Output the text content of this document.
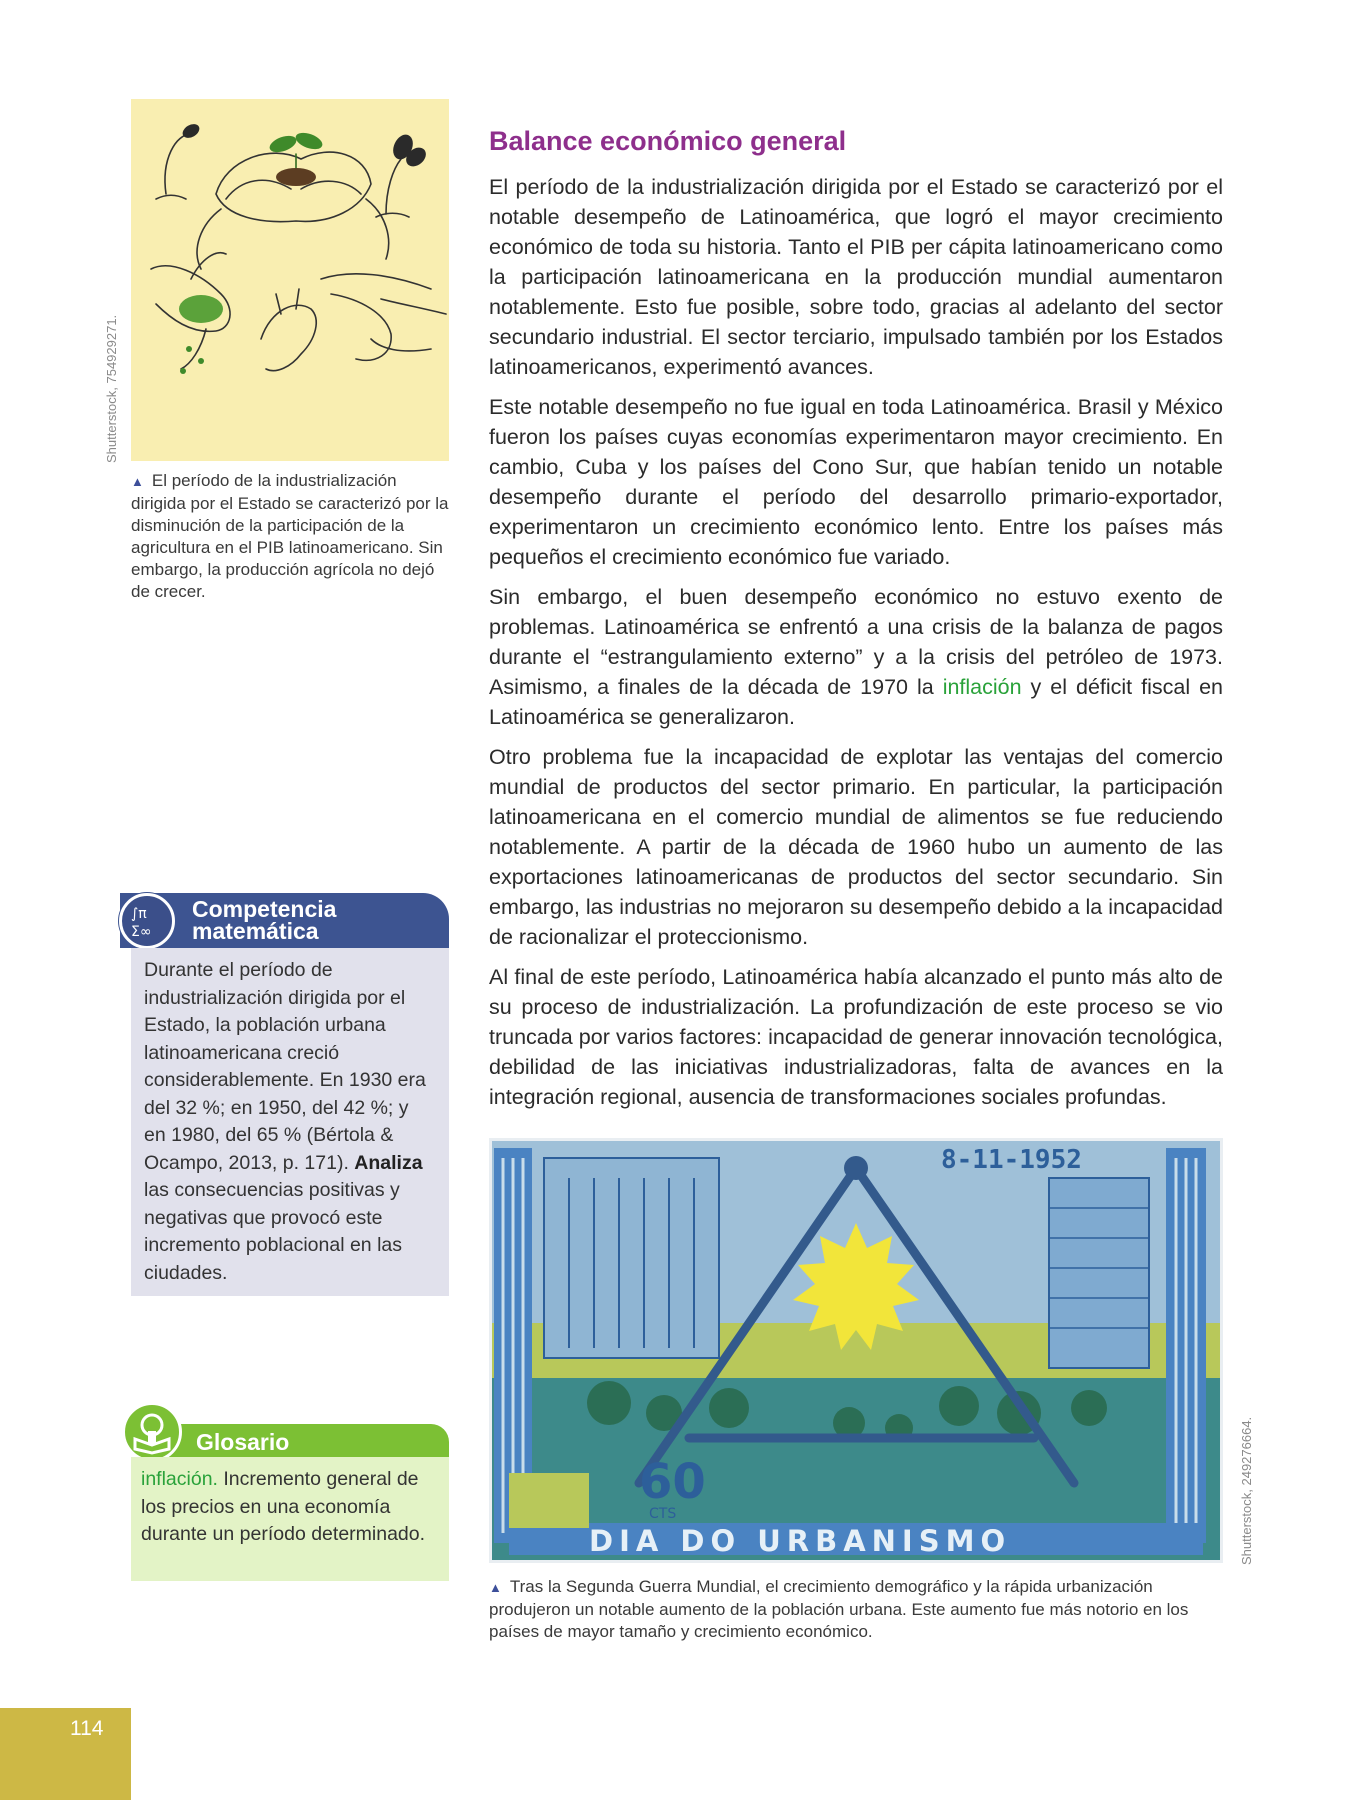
Shutterstock, 754929271.
▲ El período de la industrialización dirigida por el Estado se caracterizó por la disminución de la participación de la agricultura en el PIB latinoamericano. Sin embargo, la producción agrícola no dejó de crecer.
Balance económico general

El período de la industrialización dirigida por el Estado se caracterizó por el notable desempeño de Latinoamérica, que logró el mayor crecimiento económico de toda su historia. Tanto el PIB per cápita latinoamericano como la participación latinoamericana en la producción mundial aumentaron notablemente. Esto fue posible, sobre todo, gracias al adelanto del sector secundario industrial. El sector terciario, impulsado también por los Estados latinoamericanos, experimentó avances.

Este notable desempeño no fue igual en toda Latinoamérica. Brasil y México fueron los países cuyas economías experimentaron mayor crecimiento. En cambio, Cuba y los países del Cono Sur, que habían tenido un notable desempeño durante el período del desarrollo primario-exportador, experimentaron un crecimiento económico lento. Entre los países más pequeños el crecimiento económico fue variado.

Sin embargo, el buen desempeño económico no estuvo exento de problemas. Latinoamérica se enfrentó a una crisis de la balanza de pagos durante el “estrangulamiento externo” y a la crisis del petróleo de 1973. Asimismo, a finales de la década de 1970 la inflación y el déficit fiscal en Latinoamérica se generalizaron.

Otro problema fue la incapacidad de explotar las ventajas del comercio mundial de productos del sector primario. En particular, la participación latinoamericana en el comercio mundial de alimentos se fue reduciendo notablemente. A partir de la década de 1960 hubo un aumento de las exportaciones latinoamericanas de productos del sector secundario. Sin embargo, las industrias no mejoraron su desempeño debido a la incapacidad de racionalizar el proteccionismo.

Al final de este período, Latinoamérica había alcanzado el punto más alto de su proceso de industrialización. La profundización de este proceso se vio truncada por varios factores: incapacidad de generar innovación tecnológica, debilidad de las iniciativas industrializadoras, falta de avances en la integración regional, ausencia de transformaciones sociales profundas.

∫π
Σ∞
Competencia
matemática
Durante el período de industrialización dirigida por el Estado, la población urbana latinoamericana creció considerablemente. En 1930 era del 32 %; en 1950, del 42 %; y en 1980, del 65 % (Bértola & Ocampo, 2013, p. 171). Analiza las consecuencias positivas y negativas que provocó este incremento poblacional en las ciudades.
Glosario
inflación. Incremento general de los precios en una economía durante un período determinado.
8-11-1952
60
CTS
DIA DO URBANISMO	Shutterstock, 249276664.
▲ Tras la Segunda Guerra Mundial, el crecimiento demográfico y la rápida urbanización produjeron un notable aumento de la población urbana. Este aumento fue más notorio en los países de mayor tamaño y crecimiento económico.
114
